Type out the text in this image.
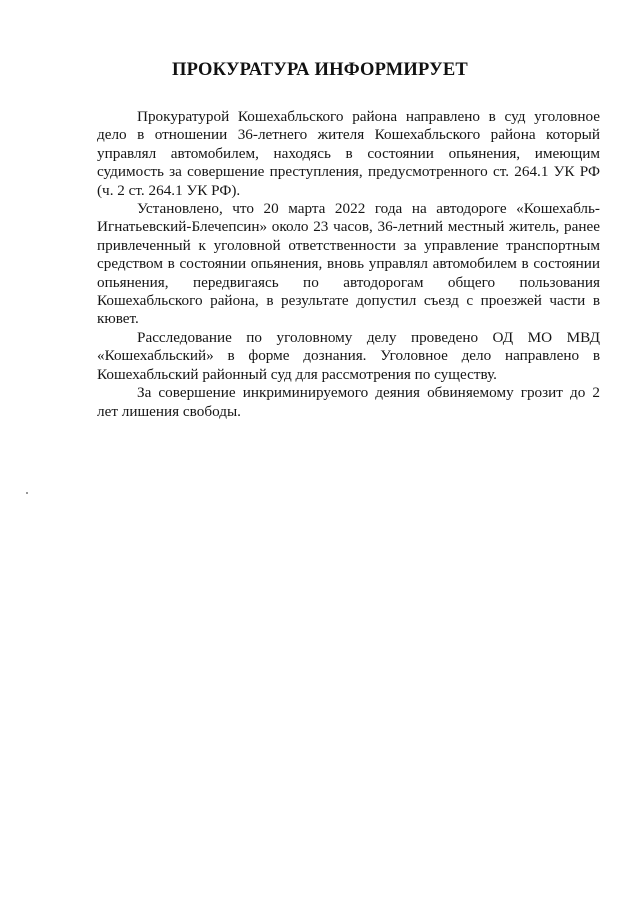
ПРОКУРАТУРА ИНФОРМИРУЕТ

Прокуратурой Кошехабльского района направлено в суд уголовное дело в отношении 36-летнего жителя Кошехабльского района который управлял автомобилем, находясь в состоянии опьянения, имеющим судимость за совершение преступления, предусмотренного ст. 264.1 УК РФ (ч. 2 ст. 264.1 УК РФ).

Установлено, что 20 марта 2022 года на автодороге «Кошехабль-Игнатьевский-Блечепсин» около 23 часов, 36-летний местный житель, ранее привлеченный к уголовной ответственности за управление транспортным средством в состоянии опьянения, вновь управлял автомобилем в состоянии опьянения, передвигаясь по автодорогам общего пользования Кошехабльского района, в результате допустил съезд с проезжей части в кювет.

Расследование по уголовному делу проведено ОД МО МВД «Кошехабльский» в форме дознания. Уголовное дело направлено в Кошехабльский районный суд для рассмотрения по существу.

За совершение инкриминируемого деяния обвиняемому грозит до 2 лет лишения свободы.
